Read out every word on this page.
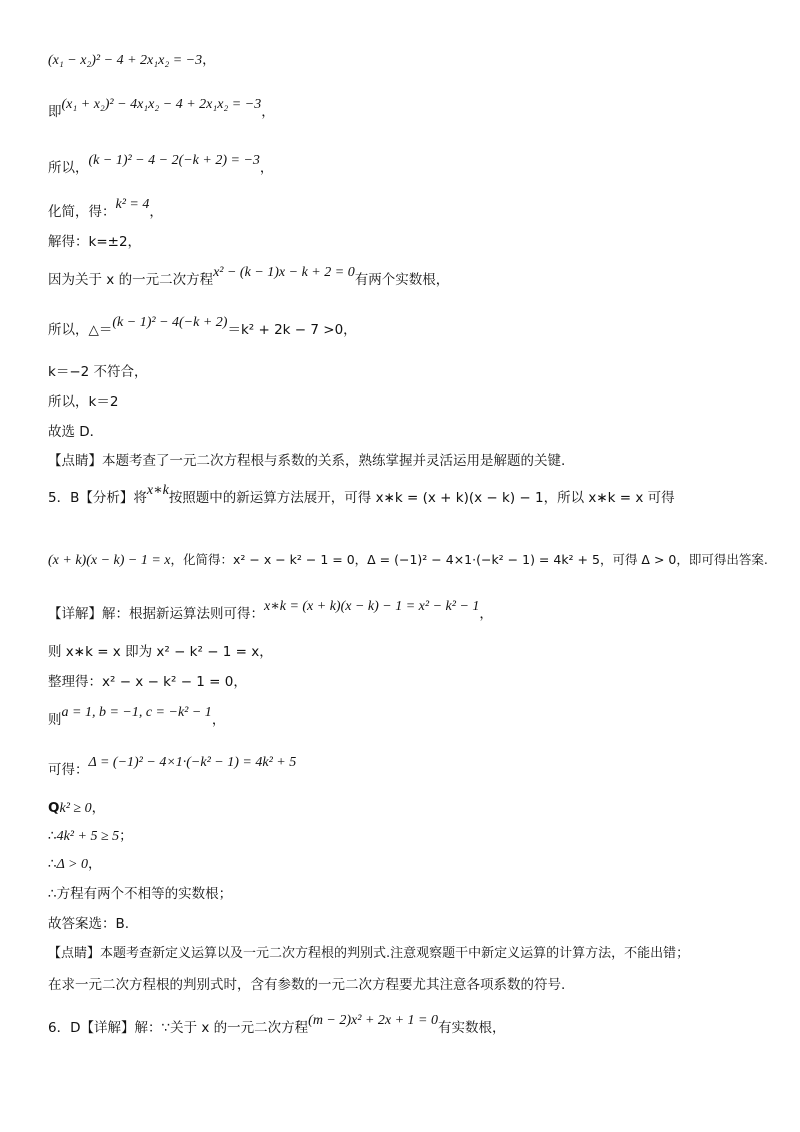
(x₁ − x₂)² − 4 + 2x₁x₂ = −3，
即(x₁ + x₂)² − 4x₁x₂ − 4 + 2x₁x₂ = −3，
所以，(k − 1)² − 4 − 2(−k + 2) = −3，
化简，得：k² = 4，
解得：k=±2，
因为关于 x 的一元二次方程x² − (k − 1)x − k + 2 = 0有两个实数根，
所以，△＝(k − 1)² − 4(−k + 2)＝k² + 2k − 7 >0，
k＝−2 不符合，
所以，k＝2
故选 D．
【点睛】本题考查了一元二次方程根与系数的关系，熟练掌握并灵活运用是解题的关键.
5．B【分析】将x∗k按照题中的新运算方法展开，可得 x∗k = (x + k)(x − k) − 1，所以 x∗k = x 可得
(x + k)(x − k) − 1 = x，化简得：x² − x − k² − 1 = 0，Δ = (−1)² − 4×1·(−k² − 1) = 4k² + 5，可得 Δ > 0，即可得出答案.
【详解】解：根据新运算法则可得：x∗k = (x + k)(x − k) − 1 = x² − k² − 1，
则 x∗k = x 即为 x² − k² − 1 = x，
整理得：x² − x − k² − 1 = 0，
则a = 1, b = −1, c = −k² − 1，
可得：Δ = (−1)² − 4×1·(−k² − 1) = 4k² + 5
Qk² ≥ 0，
∴4k² + 5 ≥ 5；
∴Δ > 0，
∴方程有两个不相等的实数根；
故答案选：B.
【点睛】本题考查新定义运算以及一元二次方程根的判别式.注意观察题干中新定义运算的计算方法，不能出错；
在求一元二次方程根的判别式时，含有参数的一元二次方程要尤其注意各项系数的符号.
6．D【详解】解：∵关于 x 的一元二次方程(m − 2)x² + 2x + 1 = 0有实数根，
